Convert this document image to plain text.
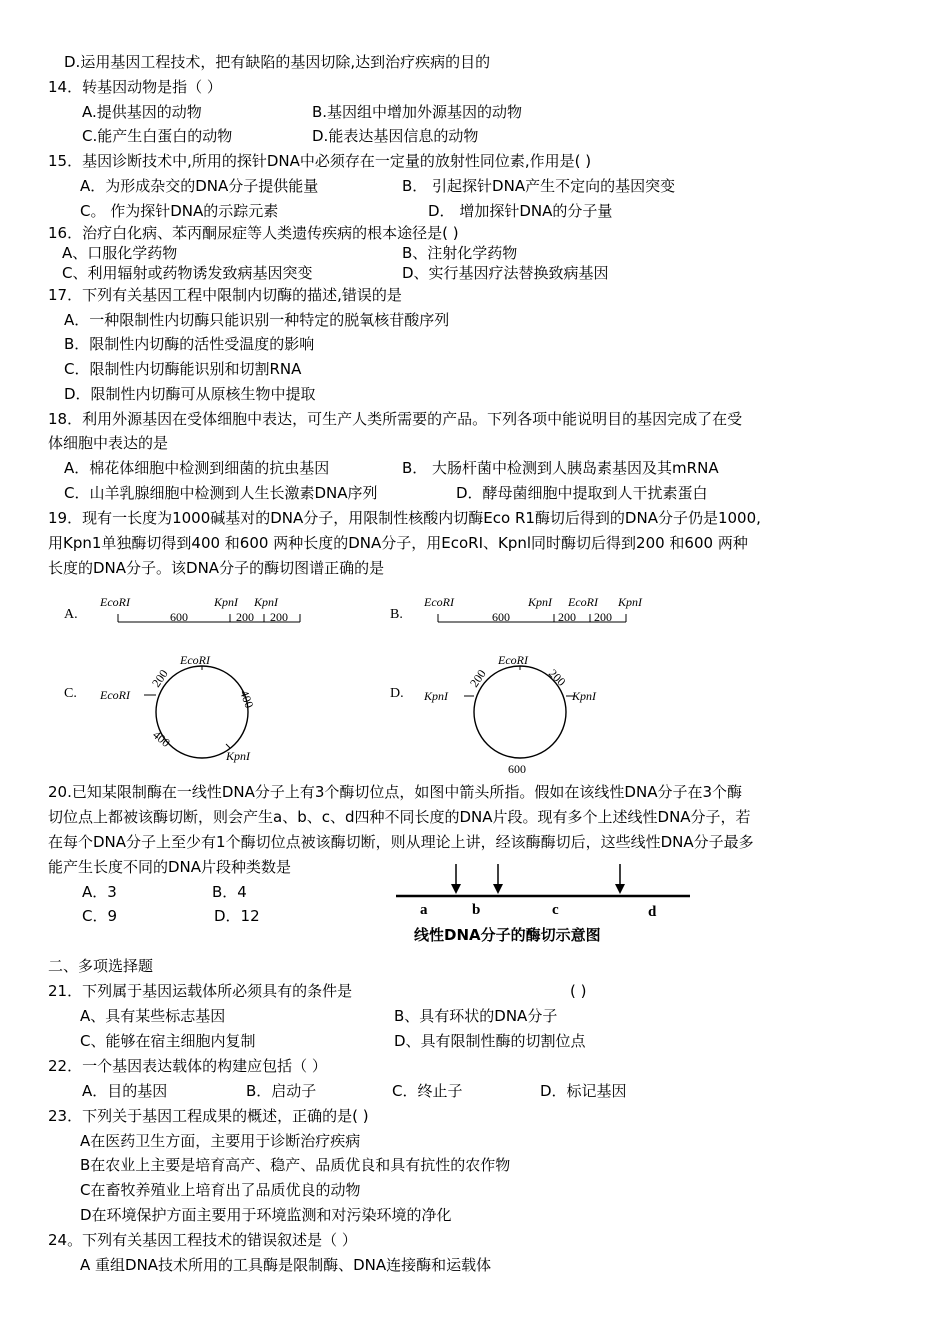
D.运用基因工程技术，把有缺陷的基因切除,达到治疗疾病的目的
14．转基因动物是指（ ）
A.提供基因的动物	B.基因组中增加外源基因的动物
C.能产生白蛋白的动物	D.能表达基因信息的动物
15．基因诊断技术中,所用的探针DNA中必须存在一定量的放射性同位素,作用是( )
A．为形成杂交的DNA分子提供能量	B． 引起探针DNA产生不定向的基因突变
C。 作为探针DNA的示踪元素	D． 增加探针DNA的分子量
16．治疗白化病、苯丙酮尿症等人类遗传疾病的根本途径是( )
A、口服化学药物	B、注射化学药物
C、利用辐射或药物诱发致病基因突变	D、实行基因疗法替换致病基因
17．下列有关基因工程中限制内切酶的描述,错误的是
A．一种限制性内切酶只能识别一种特定的脱氧核苷酸序列
B．限制性内切酶的活性受温度的影响
C．限制性内切酶能识别和切割RNA
D．限制性内切酶可从原核生物中提取
18．利用外源基因在受体细胞中表达，可生产人类所需要的产品。下列各项中能说明目的基因完成了在受
体细胞中表达的是
A．棉花体细胞中检测到细菌的抗虫基因	B． 大肠杆菌中检测到人胰岛素基因及其mRNA
C．山羊乳腺细胞中检测到人生长激素DNA序列	D．酵母菌细胞中提取到人干扰素蛋白
19．现有一长度为1000碱基对的DNA分子，用限制性核酸内切酶Eco R1酶切后得到的DNA分子仍是1000,
用Kpn1单独酶切得到400 和600 两种长度的DNA分子，用EcoRI、Kpnl同时酶切后得到200 和600 两种
长度的DNA分子。该DNA分子的酶切图谱正确的是
A.
EcoRI	KpnI KpnI
600	200 200	B.
EcoRI	KpnI EcoRI KpnI
600	200 200
C.
EcoRI
EcoRI
KpnI
200
400
400
D.
EcoRI
KpnI	KpnI
200	200
600
20.已知某限制酶在一线性DNA分子上有3个酶切位点，如图中箭头所指。假如在该线性DNA分子在3个酶
切位点上都被该酶切断，则会产生a、b、c、d四种不同长度的DNA片段。现有多个上述线性DNA分子，若
在每个DNA分子上至少有1个酶切位点被该酶切断，则从理论上讲，经该酶酶切后，这些线性DNA分子最多
能产生长度不同的DNA片段种类数是
A．3	B．4
C．9	D．12	a	b	c	d
线性DNA分子的酶切示意图
二、多项选择题
21．下列属于基因运载体所必须具有的条件是	( )
A、具有某些标志基因	B、具有环状的DNA分子
C、能够在宿主细胞内复制	D、具有限制性酶的切割位点
22．一个基因表达载体的构建应包括（ ）
A．目的基因	B．启动子	C．终止子	D．标记基因
23．下列关于基因工程成果的概述，正确的是( )
A在医药卫生方面，主要用于诊断治疗疾病
B在农业上主要是培育高产、稳产、品质优良和具有抗性的农作物
C在畜牧养殖业上培育出了品质优良的动物
D在环境保护方面主要用于环境监测和对污染环境的净化
24。下列有关基因工程技术的错误叙述是（ ）
A 重组DNA技术所用的工具酶是限制酶、DNA连接酶和运载体
